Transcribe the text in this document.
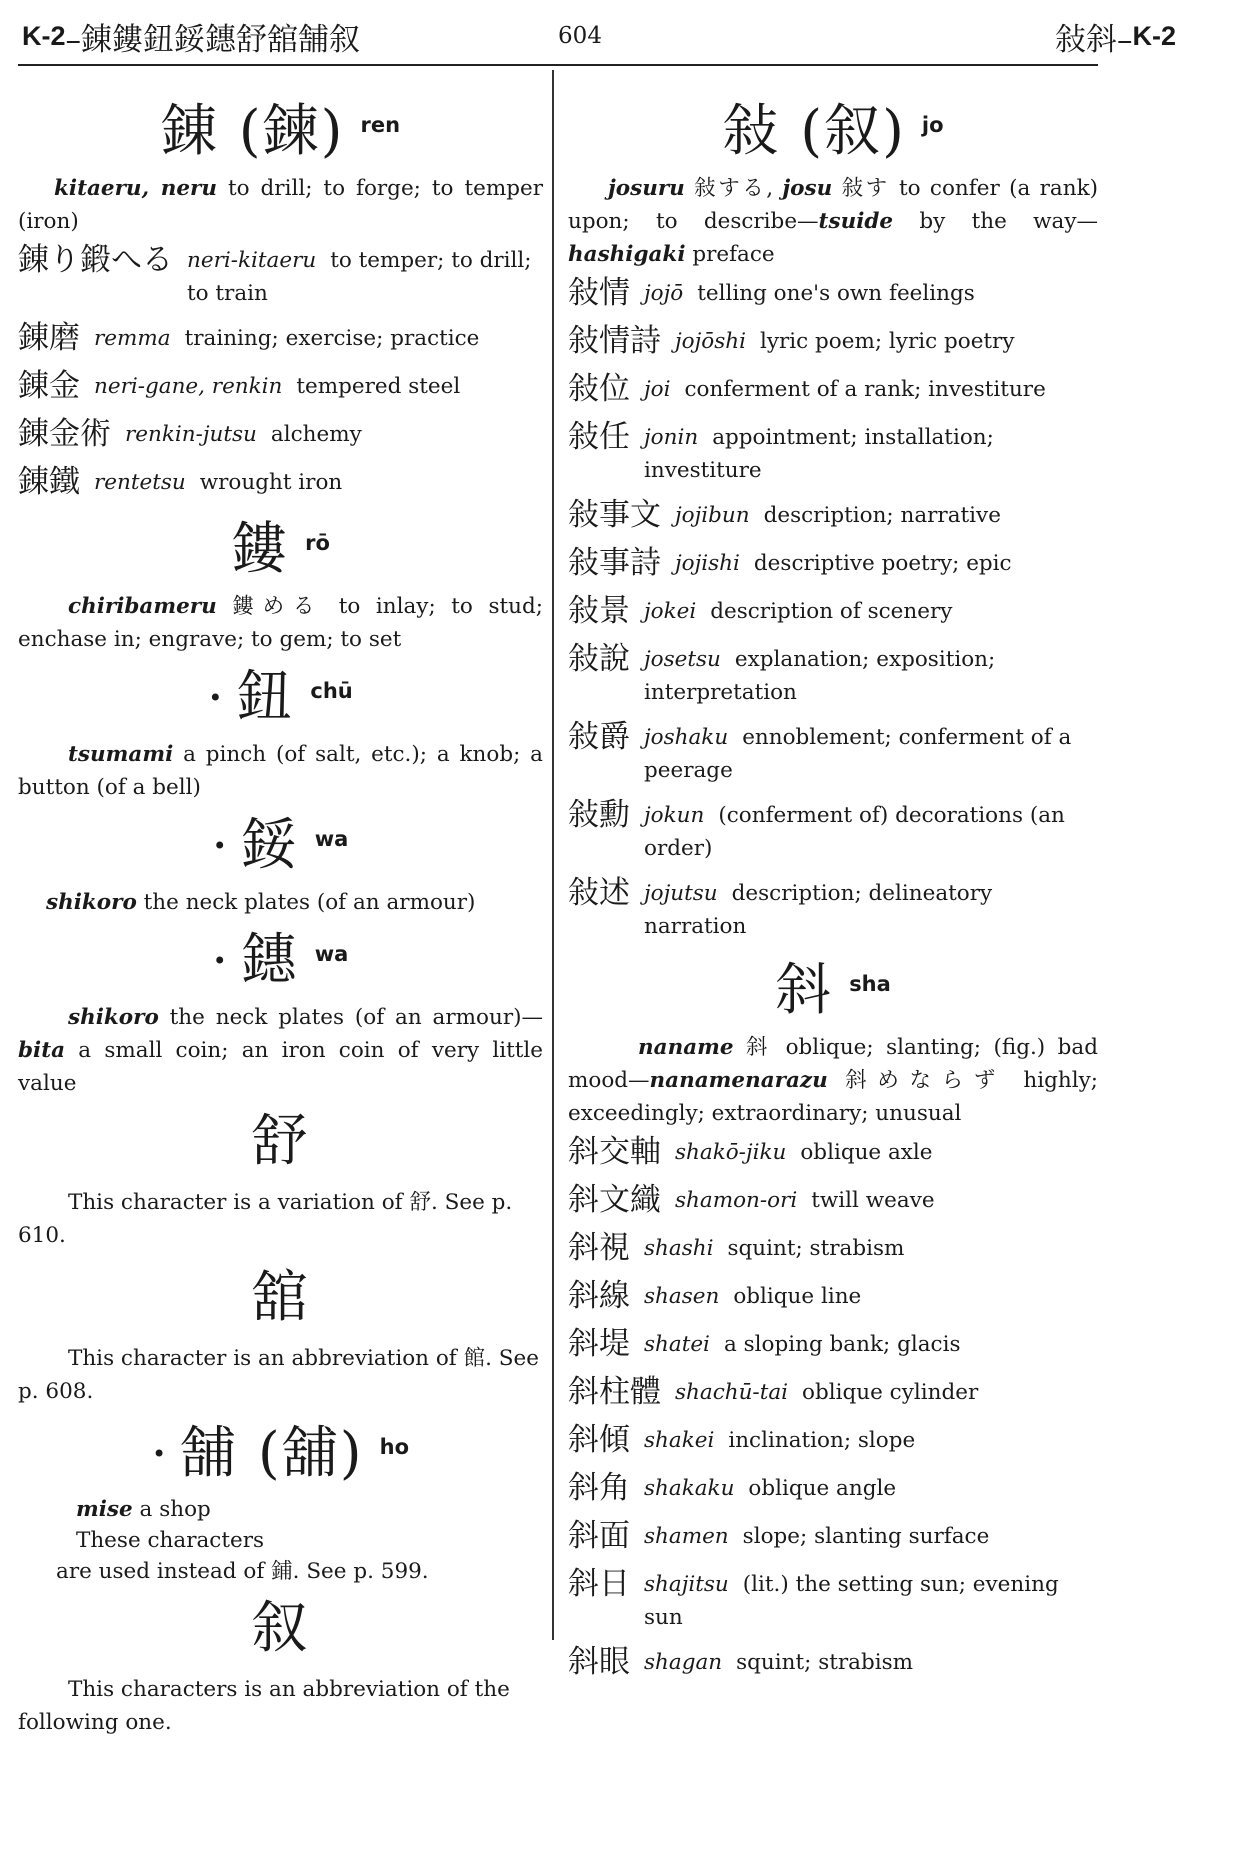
K-2 –錬鏤鈕鋖鏸舒舘舗叙	604	敍斜– K-2
錬 (鍊) ren

kitaeru, neru to drill; to forge; to temper (iron)

錬り鍛へる neri-kitaeru to temper; to drill; to train
錬磨 remma training; exercise; practice
錬金 neri-gane, renkin tempered steel
錬金術 renkin-jutsu alchemy
錬鐵 rentetsu wrought iron
鏤rō

chiribameru 鏤める to inlay; to stud; enchase in; engrave; to gem; to set

• 鈕 chū

tsumami a pinch (of salt, etc.); a knob; a button (of a bell)

• 鋖 wa

shikoro the neck plates (of an armour)

• 鏸 wa

shikoro the neck plates (of an armour)—bita a small coin; an iron coin of very little value

舒

This character is a variation of 舒. See p. 610.

舘

This character is an abbreviation of 館. See p. 608.

• 舗 (舖) ho

mise a shop
These characters
are used instead of 鋪. See p. 599.

叙

This characters is an abbreviation of the following one.

敍 (叙) jo

josuru 敍する, josu 敍す to confer (a rank) upon; to describe—tsuide by the way—hashigaki preface

敍情 jojō telling one's own feelings
敍情詩 jojōshi lyric poem; lyric poetry
敍位 joi conferment of a rank; investiture
敍任 jonin appointment; installation; investiture
敍事文 jojibun description; narrative
敍事詩 jojishi descriptive poetry; epic
敍景 jokei description of scenery
敍說 josetsu explanation; exposition; interpretation
敍爵 joshaku ennoblement; conferment of a peerage
敍勳 jokun (conferment of) decorations (an order)
敍述 jojutsu description; delineatory narration
斜sha

naname 斜 oblique; slanting; (fig.) bad mood—nanamenarazu 斜めならず highly; exceedingly; extraordinary; unusual

斜交軸 shakō-jiku oblique axle
斜文織 shamon-ori twill weave
斜視 shashi squint; strabism
斜線 shasen oblique line
斜堤 shatei a sloping bank; glacis
斜柱體 shachū-tai oblique cylinder
斜傾 shakei inclination; slope
斜角 shakaku oblique angle
斜面 shamen slope; slanting surface
斜日 shajitsu (lit.) the setting sun; evening sun
斜眼 shagan squint; strabism
